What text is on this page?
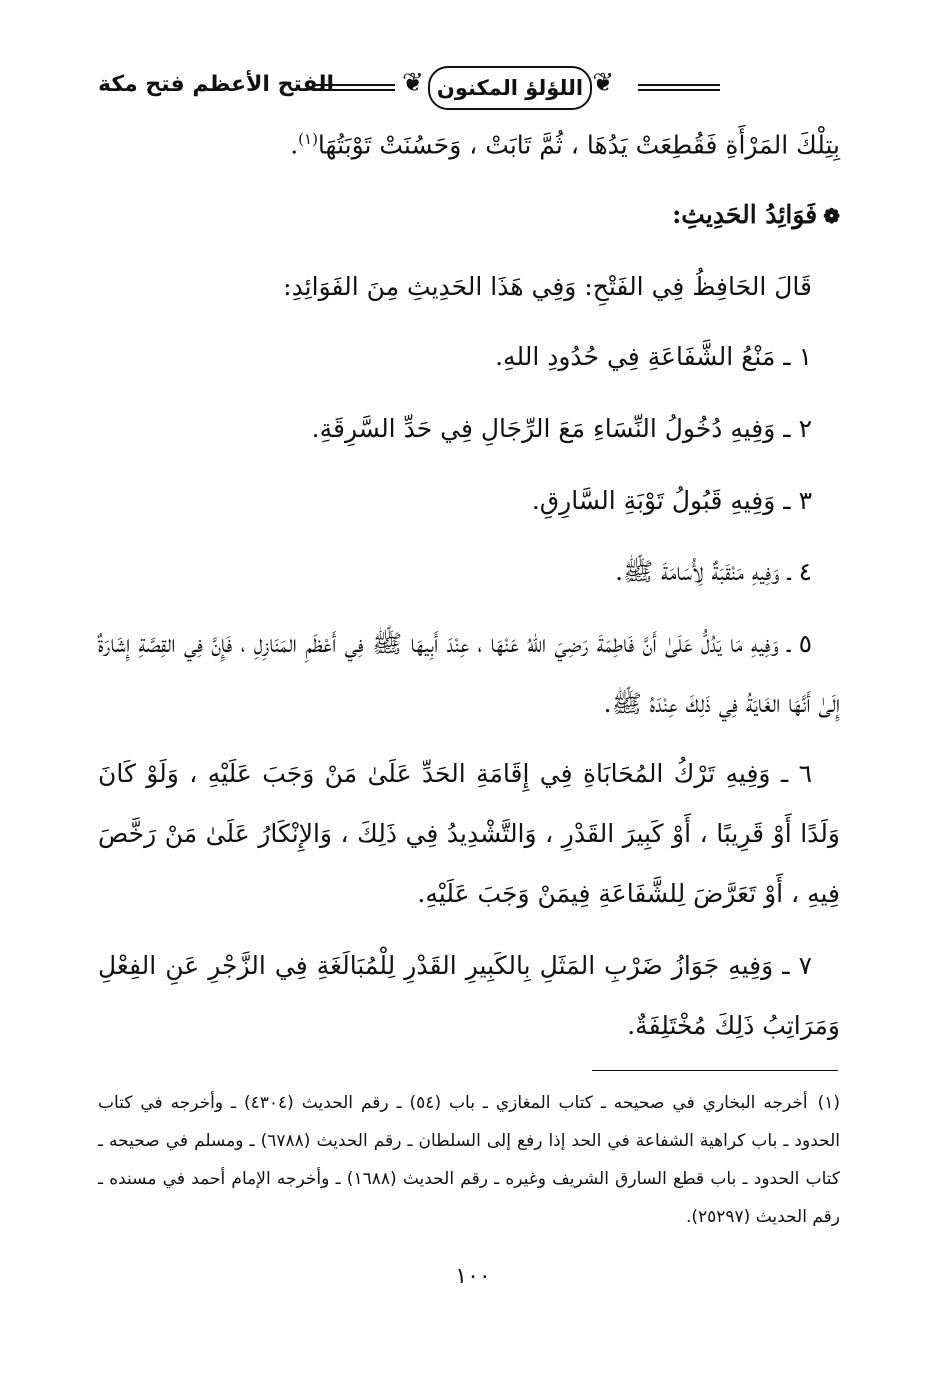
الفتح الأعظم فتح مكة	❦ اللؤلؤ المكنون ❦
بِتِلْكَ المَرْأَةِ فَقُطِعَتْ يَدُهَا ، ثُمَّ تَابَتْ ، وَحَسُنَتْ تَوْبَتُهَا$^{(١)}$.
❁فَوَائِدُ الحَدِيثِ:
قَالَ الحَافِظُ فِي الفَتْحِ: وَفِي هَذَا الحَدِيثِ مِنَ الفَوَائِدِ:
١ ـ مَنْعُ الشَّفَاعَةِ فِي حُدُودِ اللهِ.
٢ ـ وَفِيهِ دُخُولُ النِّسَاءِ مَعَ الرِّجَالِ فِي حَدِّ السَّرِقَةِ.
٣ ـ وَفِيهِ قَبُولُ تَوْبَةِ السَّارِقِ.
٤ ـ وَفِيهِ مَنْقَبَةٌ لِأُسَامَةَ ﷺ.
٥ ـ وَفِيهِ مَا يَدُلُّ عَلَىٰ أَنَّ فَاطِمَةَ رَضِيَ اللهُ عَنْهَا ، عِنْدَ أَبِيهَا ﷺ فِي أَعْظَمِ المَنَازِلِ ، فَإِنَّ فِي القِصَّةِ إِشَارَةٌ إِلَىٰ أَنَّهَا الغَايَةُ فِي ذَلِكَ عِنْدَهُ ﷺ.
٦ ـ وَفِيهِ تَرْكُ المُحَابَاةِ فِي إِقَامَةِ الحَدِّ عَلَىٰ مَنْ وَجَبَ عَلَيْهِ ، وَلَوْ كَانَ وَلَدًا أَوْ قَرِيبًا ، أَوْ كَبِيرَ القَدْرِ ، وَالتَّشْدِيدُ فِي ذَلِكَ ، وَالإِنْكَارُ عَلَىٰ مَنْ رَخَّصَ فِيهِ ، أَوْ تَعَرَّضَ لِلشَّفَاعَةِ فِيمَنْ وَجَبَ عَلَيْهِ.
٧ ـ وَفِيهِ جَوَازُ ضَرْبِ المَثَلِ بِالكَبِيرِ القَدْرِ لِلْمُبَالَغَةِ فِي الزَّجْرِ عَنِ الفِعْلِ وَمَرَاتِبُ ذَلِكَ مُخْتَلِفَةٌ.
(١)أخرجه البخاري في صحيحه ـ كتاب المغازي ـ باب (٥٤) ـ رقم الحديث (٤٣٠٤) ـ وأخرجه في كتاب الحدود ـ باب كراهية الشفاعة في الحد إذا رفع إلى السلطان ـ رقم الحديث (٦٧٨٨) ـ ومسلم في صحيحه ـ كتاب الحدود ـ باب قطع السارق الشريف وغيره ـ رقم الحديث (١٦٨٨) ـ وأخرجه الإمام أحمد في مسنده ـ رقم الحديث (٢٥٢٩٧).
١٠٠
